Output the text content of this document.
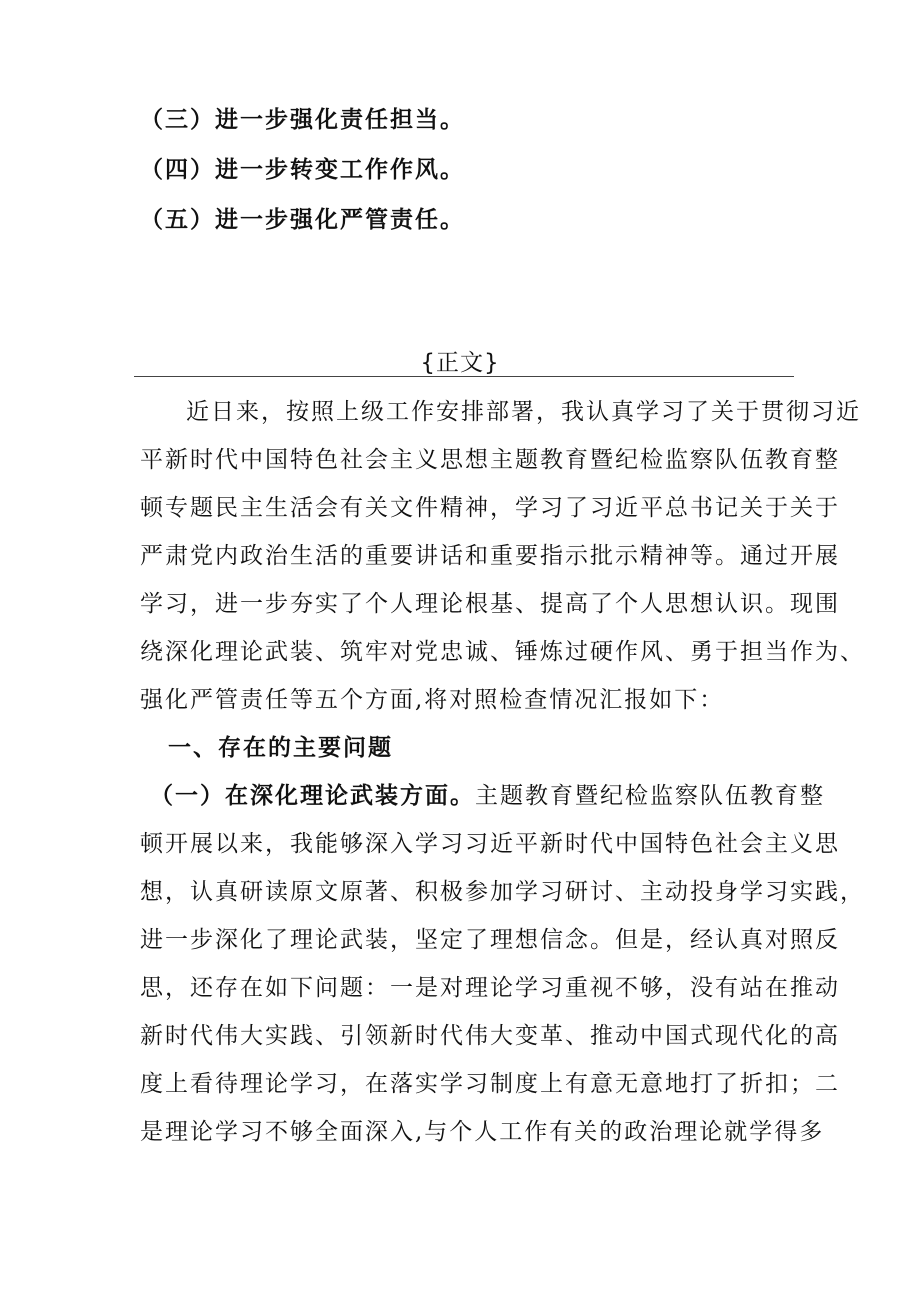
（三）进一步强化责任担当。
（四）进一步转变工作作风。
（五）进一步强化严管责任。
{正文}
近日来，按照上级工作安排部署，我认真学习了关于贯彻习近
平新时代中国特色社会主义思想主题教育暨纪检监察队伍教育整
顿专题民主生活会有关文件精神，学习了习近平总书记关于关于
严肃党内政治生活的重要讲话和重要指示批示精神等。通过开展
学习，进一步夯实了个人理论根基、提高了个人思想认识。现围
绕深化理论武装、筑牢对党忠诚、锤炼过硬作风、勇于担当作为、
强化严管责任等五个方面,将对照检查情况汇报如下：
一、存在的主要问题
（一）在深化理论武装方面。主题教育暨纪检监察队伍教育整
顿开展以来，我能够深入学习习近平新时代中国特色社会主义思
想，认真研读原文原著、积极参加学习研讨、主动投身学习实践，
进一步深化了理论武装，坚定了理想信念。但是，经认真对照反
思，还存在如下问题：一是对理论学习重视不够，没有站在推动
新时代伟大实践、引领新时代伟大变革、推动中国式现代化的高
度上看待理论学习，在落实学习制度上有意无意地打了折扣；二
是理论学习不够全面深入,与个人工作有关的政治理论就学得多
